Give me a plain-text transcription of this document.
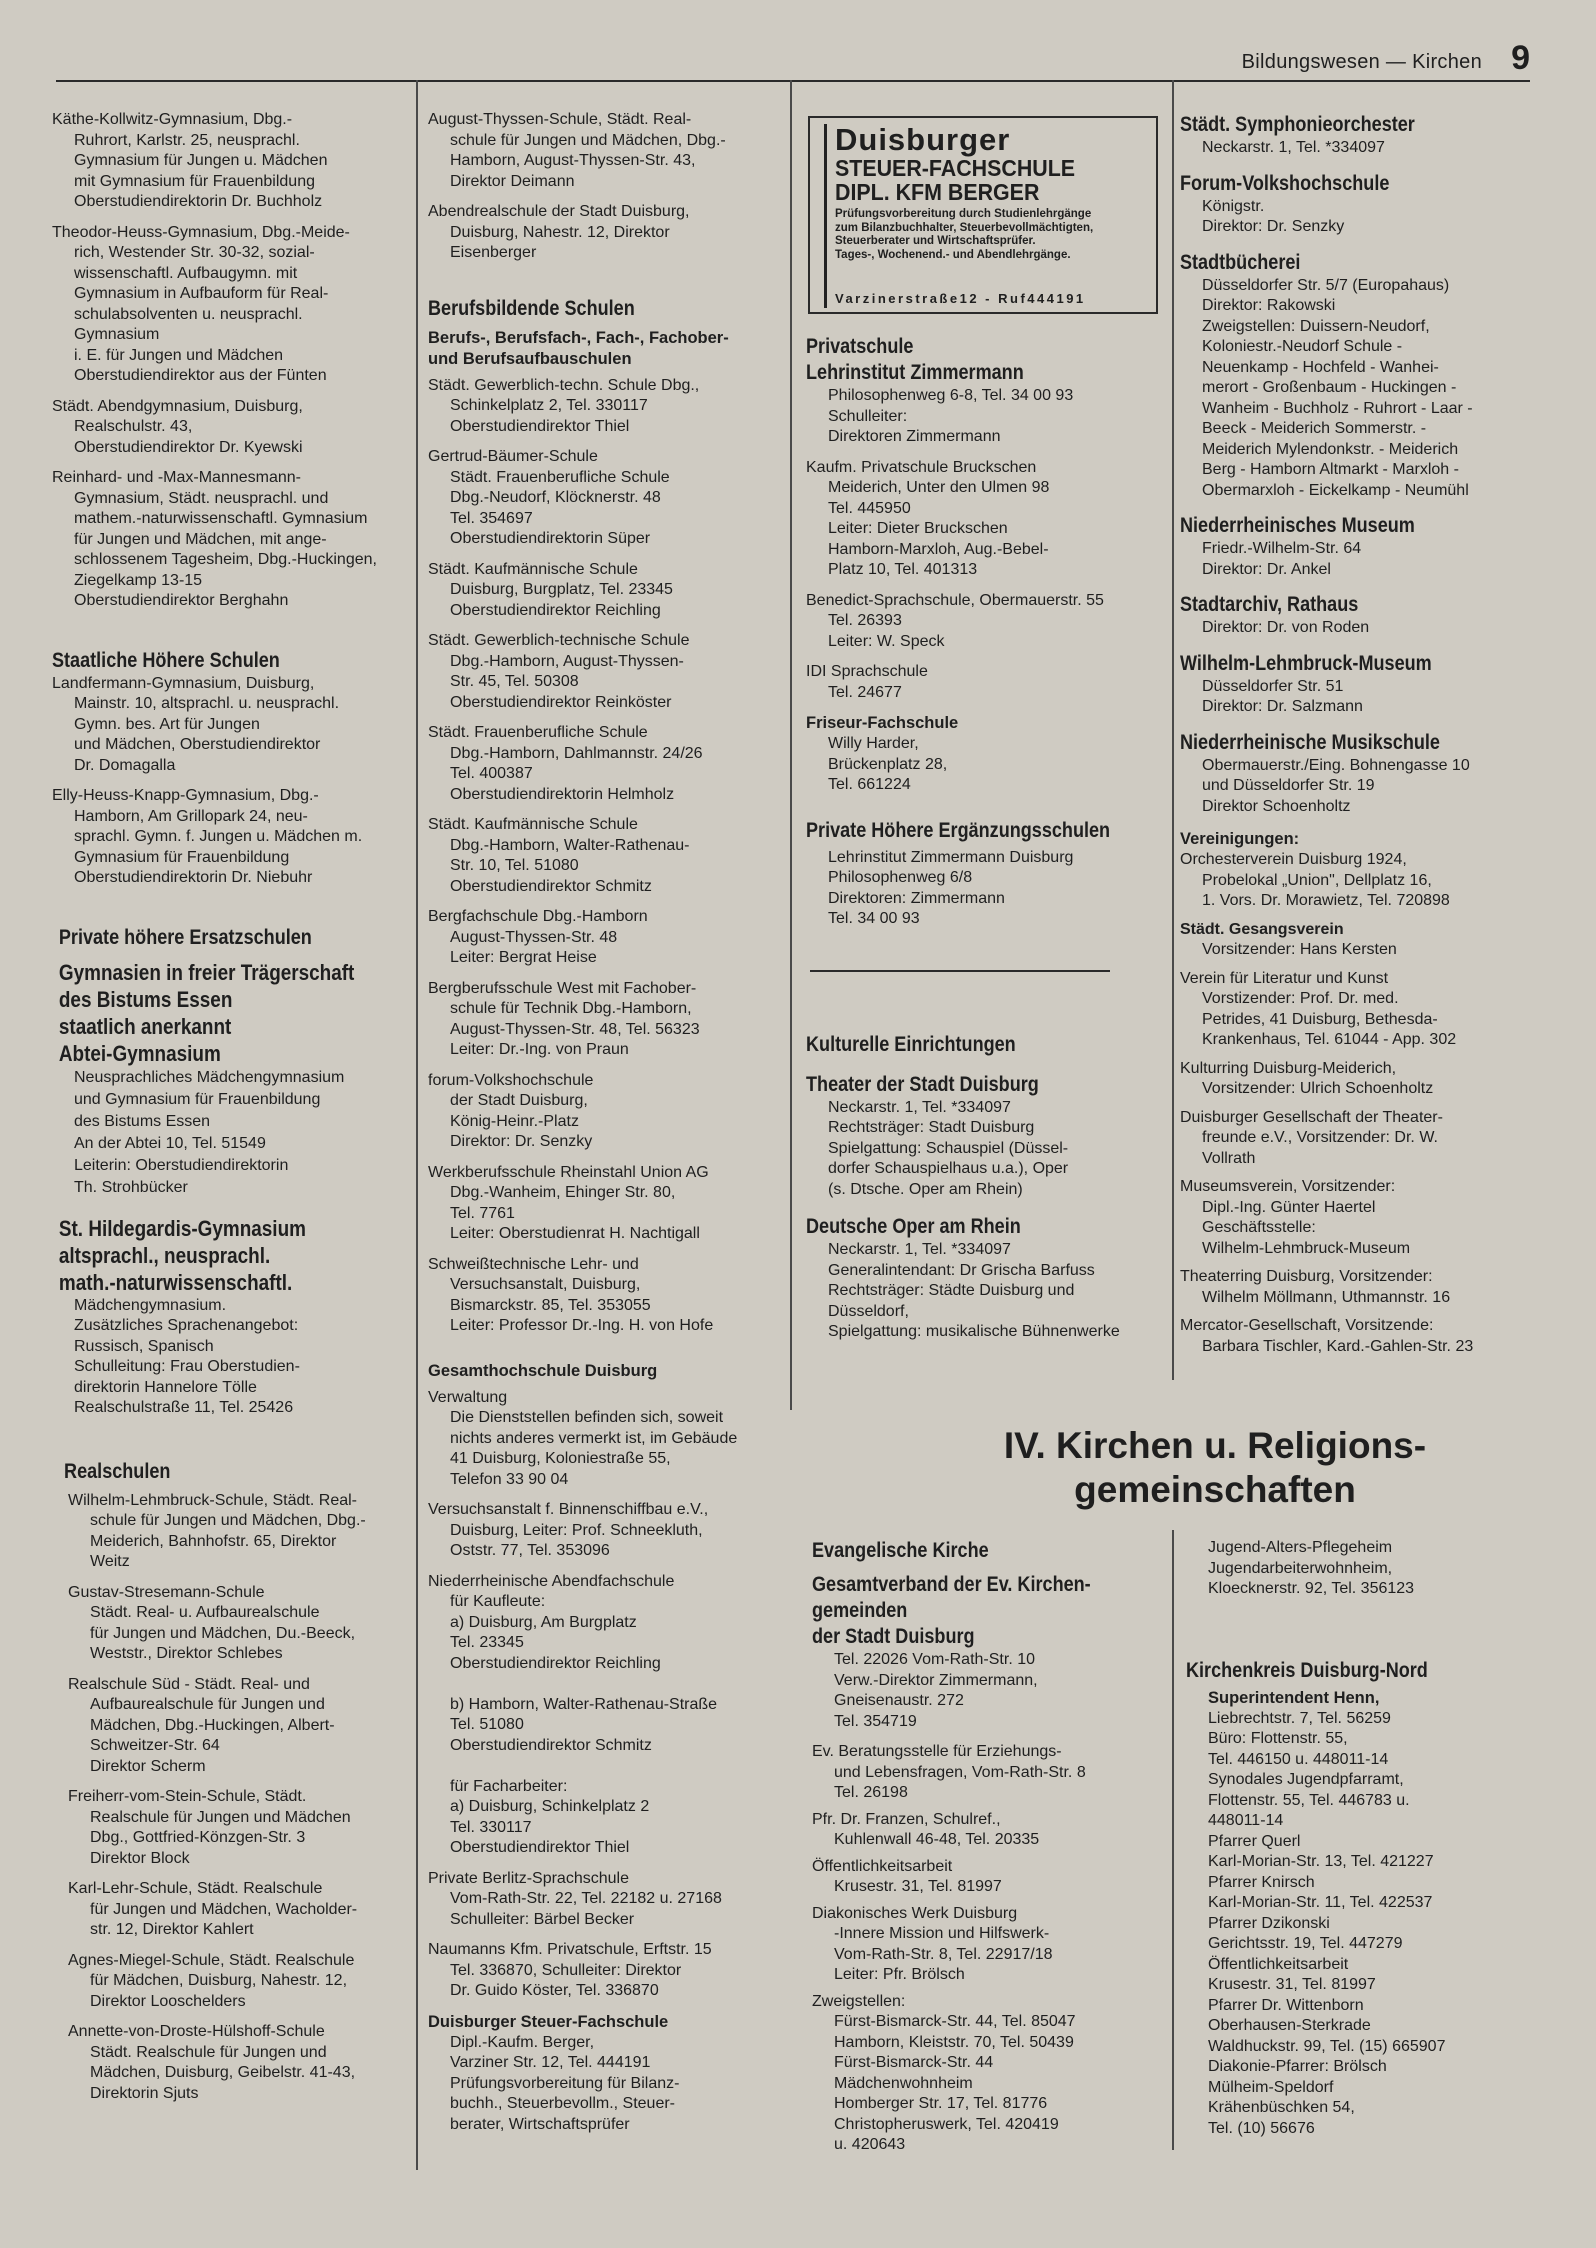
Bildungswesen — Kirchen 9
Käthe-Kollwitz-Gymnasium, Dbg.-
Ruhrort, Karlstr. 25, neusprachl.
Gymnasium für Jungen u. Mädchen
mit Gymnasium für Frauenbildung
Oberstudiendirektorin Dr. Buchholz
Theodor-Heuss-Gymnasium, Dbg.-Meide-
rich, Westender Str. 30-32, sozial-
wissenschaftl. Aufbaugymn. mit
Gymnasium in Aufbauform für Real-
schulabsolventen u. neusprachl.
Gymnasium
i. E. für Jungen und Mädchen
Oberstudiendirektor aus der Fünten
Städt. Abendgymnasium, Duisburg,
Realschulstr. 43,
Oberstudiendirektor Dr. Kyewski
Reinhard- und -Max-Mannesmann-
Gymnasium, Städt. neusprachl. und
mathem.-naturwissenschaftl. Gymnasium
für Jungen und Mädchen, mit ange-
schlossenem Tagesheim, Dbg.-Huckingen,
Ziegelkamp 13-15
Oberstudiendirektor Berghahn
Staatliche Höhere Schulen
Landfermann-Gymnasium, Duisburg,
Mainstr. 10, altsprachl. u. neusprachl.
Gymn. bes. Art für Jungen
und Mädchen, Oberstudiendirektor
Dr. Domagalla
Elly-Heuss-Knapp-Gymnasium, Dbg.-
Hamborn, Am Grillopark 24, neu-
sprachl. Gymn. f. Jungen u. Mädchen m.
Gymnasium für Frauenbildung
Oberstudiendirektorin Dr. Niebuhr
Private höhere Ersatzschulen
Gymnasien in freier Trägerschaft
des Bistums Essen
staatlich anerkannt
Abtei-Gymnasium
Neusprachliches Mädchengymnasium
und Gymnasium für Frauenbildung
des Bistums Essen
An der Abtei 10, Tel. 51549
Leiterin: Oberstudiendirektorin
Th. Strohbücker
St. Hildegardis-Gymnasium
altsprachl., neusprachl.
math.-naturwissenschaftl.
Mädchengymnasium.
Zusätzliches Sprachenangebot:
Russisch, Spanisch
Schulleitung: Frau Oberstudien-
direktorin Hannelore Tölle
Realschulstraße 11, Tel. 25426
Realschulen
Wilhelm-Lehmbruck-Schule, Städt. Real-
schule für Jungen und Mädchen, Dbg.-
Meiderich, Bahnhofstr. 65, Direktor
Weitz
Gustav-Stresemann-Schule
Städt. Real- u. Aufbaurealschule
für Jungen und Mädchen, Du.-Beeck,
Weststr., Direktor Schlebes
Realschule Süd - Städt. Real- und
Aufbaurealschule für Jungen und
Mädchen, Dbg.-Huckingen, Albert-
Schweitzer-Str. 64
Direktor Scherm
Freiherr-vom-Stein-Schule, Städt.
Realschule für Jungen und Mädchen
Dbg., Gottfried-Könzgen-Str. 3
Direktor Block
Karl-Lehr-Schule, Städt. Realschule
für Jungen und Mädchen, Wacholder-
str. 12, Direktor Kahlert
Agnes-Miegel-Schule, Städt. Realschule
für Mädchen, Duisburg, Nahestr. 12,
Direktor Looschelders
Annette-von-Droste-Hülshoff-Schule
Städt. Realschule für Jungen und
Mädchen, Duisburg, Geibelstr. 41-43,
Direktorin Sjuts
August-Thyssen-Schule, Städt. Real-
schule für Jungen und Mädchen, Dbg.-
Hamborn, August-Thyssen-Str. 43,
Direktor Deimann
Abendrealschule der Stadt Duisburg,
Duisburg, Nahestr. 12, Direktor
Eisenberger
Berufsbildende Schulen
Berufs-, Berufsfach-, Fach-, Fachober-
und Berufsaufbauschulen
Städt. Gewerblich-techn. Schule Dbg.,
Schinkelplatz 2, Tel. 330117
Oberstudiendirektor Thiel
Gertrud-Bäumer-Schule
Städt. Frauenberufliche Schule
Dbg.-Neudorf, Klöcknerstr. 48
Tel. 354697
Oberstudiendirektorin Süper
Städt. Kaufmännische Schule
Duisburg, Burgplatz, Tel. 23345
Oberstudiendirektor Reichling
Städt. Gewerblich-technische Schule
Dbg.-Hamborn, August-Thyssen-
Str. 45, Tel. 50308
Oberstudiendirektor Reinköster
Städt. Frauenberufliche Schule
Dbg.-Hamborn, Dahlmannstr. 24/26
Tel. 400387
Oberstudiendirektorin Helmholz
Städt. Kaufmännische Schule
Dbg.-Hamborn, Walter-Rathenau-
Str. 10, Tel. 51080
Oberstudiendirektor Schmitz
Bergfachschule Dbg.-Hamborn
August-Thyssen-Str. 48
Leiter: Bergrat Heise
Bergberufsschule West mit Fachober-
schule für Technik Dbg.-Hamborn,
August-Thyssen-Str. 48, Tel. 56323
Leiter: Dr.-Ing. von Praun
forum-Volkshochschule
der Stadt Duisburg,
König-Heinr.-Platz
Direktor: Dr. Senzky
Werkberufsschule Rheinstahl Union AG
Dbg.-Wanheim, Ehinger Str. 80,
Tel. 7761
Leiter: Oberstudienrat H. Nachtigall
Schweißtechnische Lehr- und
Versuchsanstalt, Duisburg,
Bismarckstr. 85, Tel. 353055
Leiter: Professor Dr.-Ing. H. von Hofe
Gesamthochschule Duisburg
Verwaltung
Die Dienststellen befinden sich, soweit
nichts anderes vermerkt ist, im Gebäude
41 Duisburg, Koloniestraße 55,
Telefon 33 90 04
Versuchsanstalt f. Binnenschiffbau e.V.,
Duisburg, Leiter: Prof. Schneekluth,
Oststr. 77, Tel. 353096
Niederrheinische Abendfachschule
für Kaufleute:
a) Duisburg, Am Burgplatz
Tel. 23345
Oberstudiendirektor Reichling

b) Hamborn, Walter-Rathenau-Straße
Tel. 51080
Oberstudiendirektor Schmitz

für Facharbeiter:
a) Duisburg, Schinkelplatz 2
Tel. 330117
Oberstudiendirektor Thiel
Private Berlitz-Sprachschule
Vom-Rath-Str. 22, Tel. 22182 u. 27168
Schulleiter: Bärbel Becker
Naumanns Kfm. Privatschule, Erftstr. 15
Tel. 336870, Schulleiter: Direktor
Dr. Guido Köster, Tel. 336870
Duisburger Steuer-Fachschule
Dipl.-Kaufm. Berger,
Varziner Str. 12, Tel. 444191
Prüfungsvorbereitung für Bilanz-
buchh., Steuerbevollm., Steuer-
berater, Wirtschaftsprüfer
Duisburger
STEUER-FACHSCHULE
DIPL. KFM BERGER
Prüfungsvorbereitung durch Studienlehrgänge
zum Bilanzbuchhalter, Steuerbevollmächtigten,
Steuerberater und Wirtschaftsprüfer.
Tages-, Wochenend.- und Abendlehrgänge.
Varzinerstraße12 - Ruf444191
Privatschule
Lehrinstitut Zimmermann
Philosophenweg 6-8, Tel. 34 00 93
Schulleiter:
Direktoren Zimmermann
Kaufm. Privatschule Bruckschen
Meiderich, Unter den Ulmen 98
Tel. 445950
Leiter: Dieter Bruckschen
Hamborn-Marxloh, Aug.-Bebel-
Platz 10, Tel. 401313
Benedict-Sprachschule, Obermauerstr. 55
Tel. 26393
Leiter: W. Speck
IDI Sprachschule
Tel. 24677
Friseur-Fachschule
Willy Harder,
Brückenplatz 28,
Tel. 661224
Private Höhere Ergänzungsschulen
Lehrinstitut Zimmermann Duisburg
Philosophenweg 6/8
Direktoren: Zimmermann
Tel. 34 00 93
Kulturelle Einrichtungen
Theater der Stadt Duisburg
Neckarstr. 1, Tel. *334097
Rechtsträger: Stadt Duisburg
Spielgattung: Schauspiel (Düssel-
dorfer Schauspielhaus u.a.), Oper
(s. Dtsche. Oper am Rhein)
Deutsche Oper am Rhein
Neckarstr. 1, Tel. *334097
Generalintendant: Dr Grischa Barfuss
Rechtsträger: Städte Duisburg und
Düsseldorf,
Spielgattung: musikalische Bühnenwerke
Städt. Symphonieorchester
Neckarstr. 1, Tel. *334097
Forum-Volkshochschule
Königstr.
Direktor: Dr. Senzky
Stadtbücherei
Düsseldorfer Str. 5/7 (Europahaus)
Direktor: Rakowski
Zweigstellen: Duissern-Neudorf,
Koloniestr.-Neudorf Schule -
Neuenkamp - Hochfeld - Wanhei-
merort - Großenbaum - Huckingen -
Wanheim - Buchholz - Ruhrort - Laar -
Beeck - Meiderich Sommerstr. -
Meiderich Mylendonkstr. - Meiderich
Berg - Hamborn Altmarkt - Marxloh -
Obermarxloh - Eickelkamp - Neumühl
Niederrheinisches Museum
Friedr.-Wilhelm-Str. 64
Direktor: Dr. Ankel
Stadtarchiv, Rathaus
Direktor: Dr. von Roden
Wilhelm-Lehmbruck-Museum
Düsseldorfer Str. 51
Direktor: Dr. Salzmann
Niederrheinische Musikschule
Obermauerstr./Eing. Bohnengasse 10
und Düsseldorfer Str. 19
Direktor Schoenholtz
Vereinigungen:
Orchesterverein Duisburg 1924,
Probelokal „Union", Dellplatz 16,
1. Vors. Dr. Morawietz, Tel. 720898
Städt. Gesangsverein
Vorsitzender: Hans Kersten
Verein für Literatur und Kunst
Vorstizender: Prof. Dr. med.
Petrides, 41 Duisburg, Bethesda-
Krankenhaus, Tel. 61044 - App. 302
Kulturring Duisburg-Meiderich,
Vorsitzender: Ulrich Schoenholtz
Duisburger Gesellschaft der Theater-
freunde e.V., Vorsitzender: Dr. W.
Vollrath
Museumsverein, Vorsitzender:
Dipl.-Ing. Günter Haertel
Geschäftsstelle:
Wilhelm-Lehmbruck-Museum
Theaterring Duisburg, Vorsitzender:
Wilhelm Möllmann, Uthmannstr. 16
Mercator-Gesellschaft, Vorsitzende:
Barbara Tischler, Kard.-Gahlen-Str. 23
IV. Kirchen u. Religions-
gemeinschaften
Evangelische Kirche
Gesamtverband der Ev. Kirchen-
gemeinden
der Stadt Duisburg
Tel. 22026 Vom-Rath-Str. 10
Verw.-Direktor Zimmermann,
Gneisenaustr. 272
Tel. 354719
Ev. Beratungsstelle für Erziehungs-
und Lebensfragen, Vom-Rath-Str. 8
Tel. 26198
Pfr. Dr. Franzen, Schulref.,
Kuhlenwall 46-48, Tel. 20335
Öffentlichkeitsarbeit
Krusestr. 31, Tel. 81997
Diakonisches Werk Duisburg
-Innere Mission und Hilfswerk-
Vom-Rath-Str. 8, Tel. 22917/18
Leiter: Pfr. Brölsch
Zweigstellen:
Fürst-Bismarck-Str. 44, Tel. 85047
Hamborn, Kleiststr. 70, Tel. 50439
Fürst-Bismarck-Str. 44
Mädchenwohnheim
Homberger Str. 17, Tel. 81776
Christopheruswerk, Tel. 420419
u. 420643
Jugend-Alters-Pflegeheim
Jugendarbeiterwohnheim,
Kloecknerstr. 92, Tel. 356123
Kirchenkreis Duisburg-Nord
Superintendent Henn,
Liebrechtstr. 7, Tel. 56259
Büro: Flottenstr. 55,
Tel. 446150 u. 448011-14
Synodales Jugendpfarramt,
Flottenstr. 55, Tel. 446783 u.
448011-14
Pfarrer Querl
Karl-Morian-Str. 13, Tel. 421227
Pfarrer Knirsch
Karl-Morian-Str. 11, Tel. 422537
Pfarrer Dzikonski
Gerichtsstr. 19, Tel. 447279
Öffentlichkeitsarbeit
Krusestr. 31, Tel. 81997
Pfarrer Dr. Wittenborn
Oberhausen-Sterkrade
Waldhuckstr. 99, Tel. (15) 665907
Diakonie-Pfarrer: Brölsch
Mülheim-Speldorf
Krähenbüschken 54,
Tel. (10) 56676
